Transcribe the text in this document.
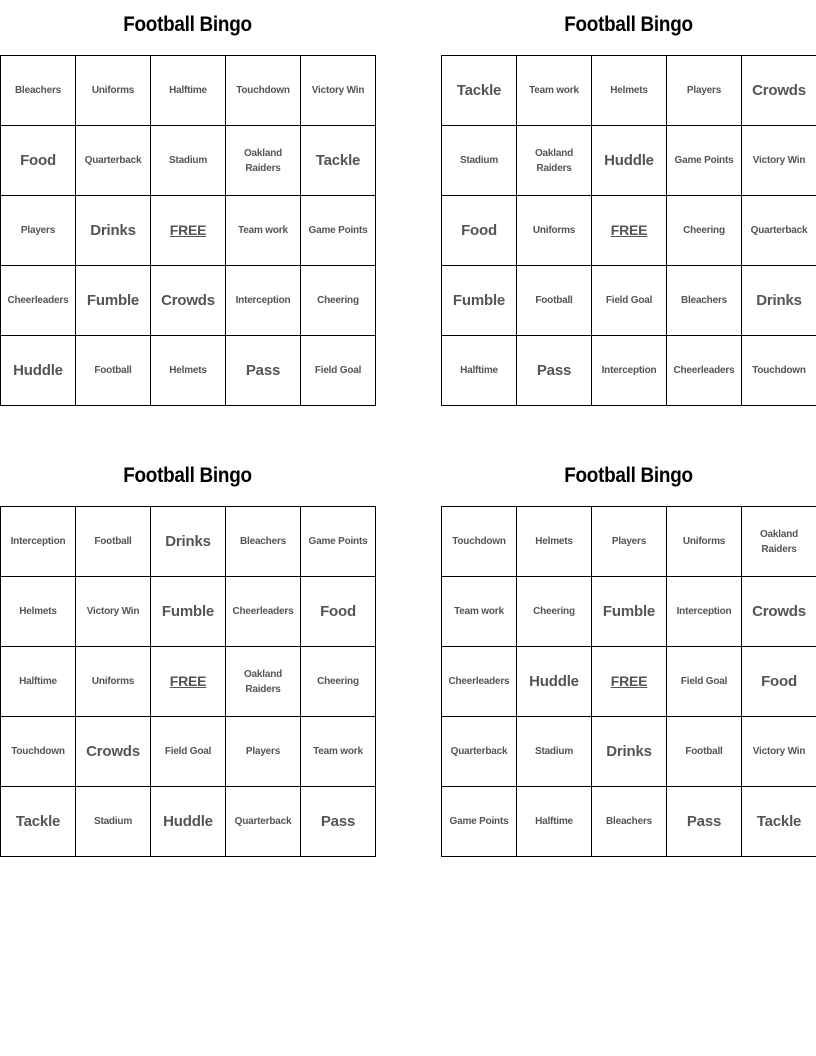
Football Bingo
Bleachers	Uniforms	Halftime	Touchdown	Victory Win
Food	Quarterback	Stadium	Oakland Raiders	Tackle
Players	Drinks	FREE	Team work	Game Points
Cheerleaders	Fumble	Crowds	Interception	Cheering
Huddle	Football	Helmets	Pass	Field Goal
Football Bingo
Tackle	Team work	Helmets	Players	Crowds
Stadium	Oakland Raiders	Huddle	Game Points	Victory Win
Food	Uniforms	FREE	Cheering	Quarterback
Fumble	Football	Field Goal	Bleachers	Drinks
Halftime	Pass	Interception	Cheerleaders	Touchdown
Football Bingo
Interception	Football	Drinks	Bleachers	Game Points
Helmets	Victory Win	Fumble	Cheerleaders	Food
Halftime	Uniforms	FREE	Oakland Raiders	Cheering
Touchdown	Crowds	Field Goal	Players	Team work
Tackle	Stadium	Huddle	Quarterback	Pass
Football Bingo
Touchdown	Helmets	Players	Uniforms	Oakland Raiders
Team work	Cheering	Fumble	Interception	Crowds
Cheerleaders	Huddle	FREE	Field Goal	Food
Quarterback	Stadium	Drinks	Football	Victory Win
Game Points	Halftime	Bleachers	Pass	Tackle
